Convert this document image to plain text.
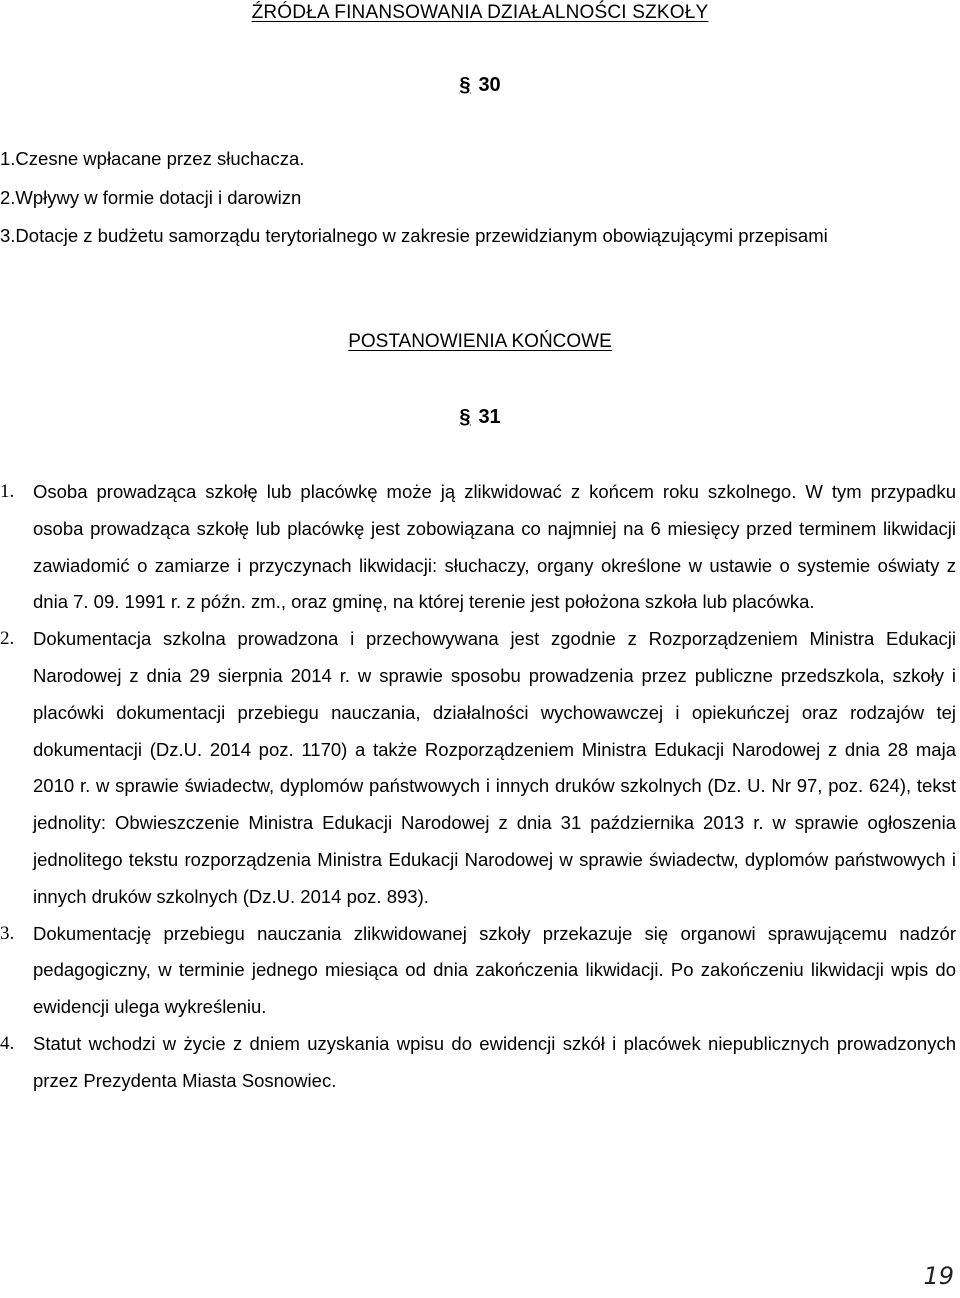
ŹRÓDŁA FINANSOWANIA DZIAŁALNOŚCI SZKOŁY
§ 30
1.Czesne wpłacane przez słuchacza.
2.Wpływy w formie dotacji i darowizn
3.Dotacje z budżetu samorządu terytorialnego w zakresie przewidzianym obowiązującymi przepisami
POSTANOWIENIA KOŃCOWE
§ 31
1. Osoba prowadząca szkołę lub placówkę może ją zlikwidować z końcem roku szkolnego. W tym przypadku osoba prowadząca szkołę lub placówkę jest zobowiązana co najmniej na 6 miesięcy przed terminem likwidacji zawiadomić o zamiarze i przyczynach likwidacji: słuchaczy, organy określone w ustawie o systemie oświaty z dnia 7. 09. 1991 r. z późn. zm., oraz gminę, na której terenie jest położona szkoła lub placówka.
2. Dokumentacja szkolna prowadzona i przechowywana jest zgodnie z Rozporządzeniem Ministra Edukacji Narodowej z dnia 29 sierpnia 2014 r. w sprawie sposobu prowadzenia przez publiczne przedszkola, szkoły i placówki dokumentacji przebiegu nauczania, działalności wychowawczej i opiekuńczej oraz rodzajów tej dokumentacji (Dz.U. 2014 poz. 1170) a także Rozporządzeniem Ministra Edukacji Narodowej z dnia 28 maja 2010 r. w sprawie świadectw, dyplomów państwowych i innych druków szkolnych (Dz. U. Nr 97, poz. 624), tekst jednolity: Obwieszczenie Ministra Edukacji Narodowej z dnia 31 października 2013 r. w sprawie ogłoszenia jednolitego tekstu rozporządzenia Ministra Edukacji Narodowej w sprawie świadectw, dyplomów państwowych i innych druków szkolnych (Dz.U. 2014 poz. 893).
3. Dokumentację przebiegu nauczania zlikwidowanej szkoły przekazuje się organowi sprawującemu nadzór pedagogiczny, w terminie jednego miesiąca od dnia zakończenia likwidacji. Po zakończeniu likwidacji wpis do ewidencji ulega wykreśleniu.
4. Statut wchodzi w życie z dniem uzyskania wpisu do ewidencji szkół i placówek niepublicznych prowadzonych przez Prezydenta Miasta Sosnowiec.
19
